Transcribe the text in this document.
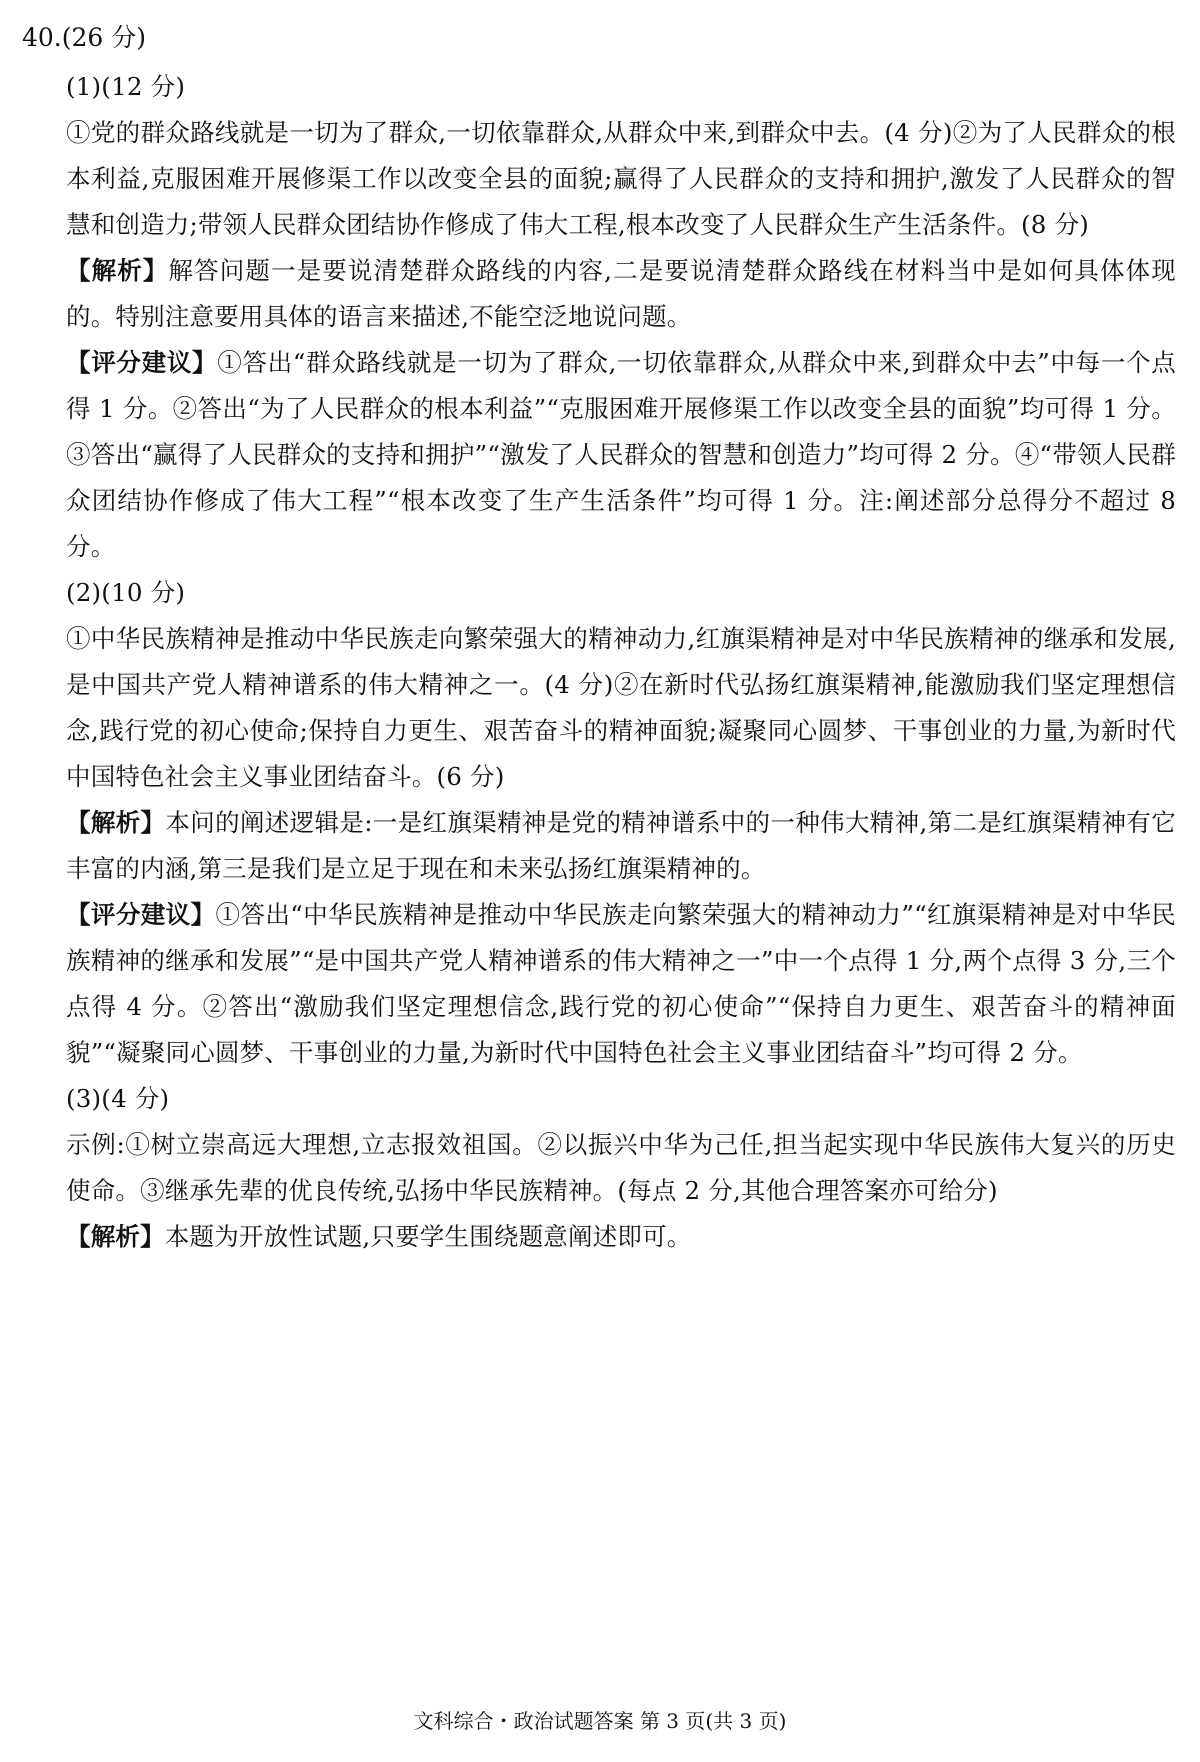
40.(26 分)

(1)(12 分)

①党的群众路线就是一切为了群众,一切依靠群众,从群众中来,到群众中去。(4 分)②为了人民群众的根本利益,克服困难开展修渠工作以改变全县的面貌;赢得了人民群众的支持和拥护,激发了人民群众的智慧和创造力;带领人民群众团结协作修成了伟大工程,根本改变了人民群众生产生活条件。(8 分)

【解析】解答问题一是要说清楚群众路线的内容,二是要说清楚群众路线在材料当中是如何具体体现的。特别注意要用具体的语言来描述,不能空泛地说问题。

【评分建议】①答出“群众路线就是一切为了群众,一切依靠群众,从群众中来,到群众中去”中每一个点得 1 分。②答出“为了人民群众的根本利益”“克服困难开展修渠工作以改变全县的面貌”均可得 1 分。③答出“赢得了人民群众的支持和拥护”“激发了人民群众的智慧和创造力”均可得 2 分。④“带领人民群众团结协作修成了伟大工程”“根本改变了生产生活条件”均可得 1 分。注:阐述部分总得分不超过 8 分。

(2)(10 分)

①中华民族精神是推动中华民族走向繁荣强大的精神动力,红旗渠精神是对中华民族精神的继承和发展,是中国共产党人精神谱系的伟大精神之一。(4 分)②在新时代弘扬红旗渠精神,能激励我们坚定理想信念,践行党的初心使命;保持自力更生、艰苦奋斗的精神面貌;凝聚同心圆梦、干事创业的力量,为新时代中国特色社会主义事业团结奋斗。(6 分)

【解析】本问的阐述逻辑是:一是红旗渠精神是党的精神谱系中的一种伟大精神,第二是红旗渠精神有它丰富的内涵,第三是我们是立足于现在和未来弘扬红旗渠精神的。

【评分建议】①答出“中华民族精神是推动中华民族走向繁荣强大的精神动力”“红旗渠精神是对中华民族精神的继承和发展”“是中国共产党人精神谱系的伟大精神之一”中一个点得 1 分,两个点得 3 分,三个点得 4 分。②答出“激励我们坚定理想信念,践行党的初心使命”“保持自力更生、艰苦奋斗的精神面貌”“凝聚同心圆梦、干事创业的力量,为新时代中国特色社会主义事业团结奋斗”均可得 2 分。

(3)(4 分)

示例:①树立崇高远大理想,立志报效祖国。②以振兴中华为己任,担当起实现中华民族伟大复兴的历史使命。③继承先辈的优良传统,弘扬中华民族精神。(每点 2 分,其他合理答案亦可给分)

【解析】本题为开放性试题,只要学生围绕题意阐述即可。

文科综合・政治试题答案 第 3 页(共 3 页)
